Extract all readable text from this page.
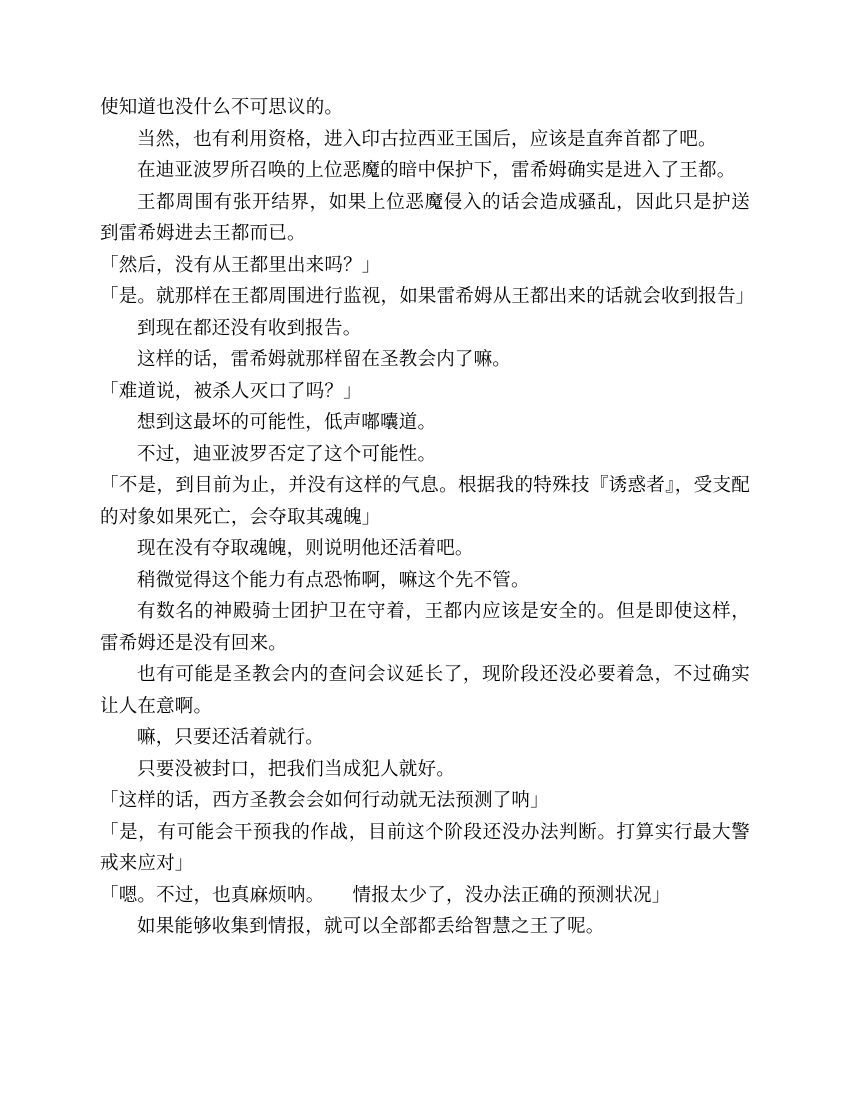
使知道也没什么不可思议的。

当然，也有利用资格，进入印古拉西亚王国后，应该是直奔首都了吧。

在迪亚波罗所召唤的上位恶魔的暗中保护下，雷希姆确实是进入了王都。

王都周围有张开结界，如果上位恶魔侵入的话会造成骚乱，因此只是护送到雷希姆进去王都而已。

「然后，没有从王都里出来吗？」

「是。就那样在王都周围进行监视，如果雷希姆从王都出来的话就会收到报告」

到现在都还没有收到报告。

这样的话，雷希姆就那样留在圣教会内了嘛。

「难道说，被杀人灭口了吗？」

想到这最坏的可能性，低声嘟囔道。

不过，迪亚波罗否定了这个可能性。

「不是，到目前为止，并没有这样的气息。根据我的特殊技『诱惑者』，受支配的对象如果死亡，会夺取其魂魄」

现在没有夺取魂魄，则说明他还活着吧。

稍微觉得这个能力有点恐怖啊，嘛这个先不管。

有数名的神殿骑士团护卫在守着，王都内应该是安全的。但是即使这样，雷希姆还是没有回来。

也有可能是圣教会内的查问会议延长了，现阶段还没必要着急，不过确实让人在意啊。

嘛，只要还活着就行。

只要没被封口，把我们当成犯人就好。

「这样的话，西方圣教会会如何行动就无法预测了呐」

「是，有可能会干预我的作战，目前这个阶段还没办法判断。打算实行最大警戒来应对」

「嗯。不过，也真麻烦呐。　　情报太少了，没办法正确的预测状况」

如果能够收集到情报，就可以全部都丢给智慧之王了呢。
